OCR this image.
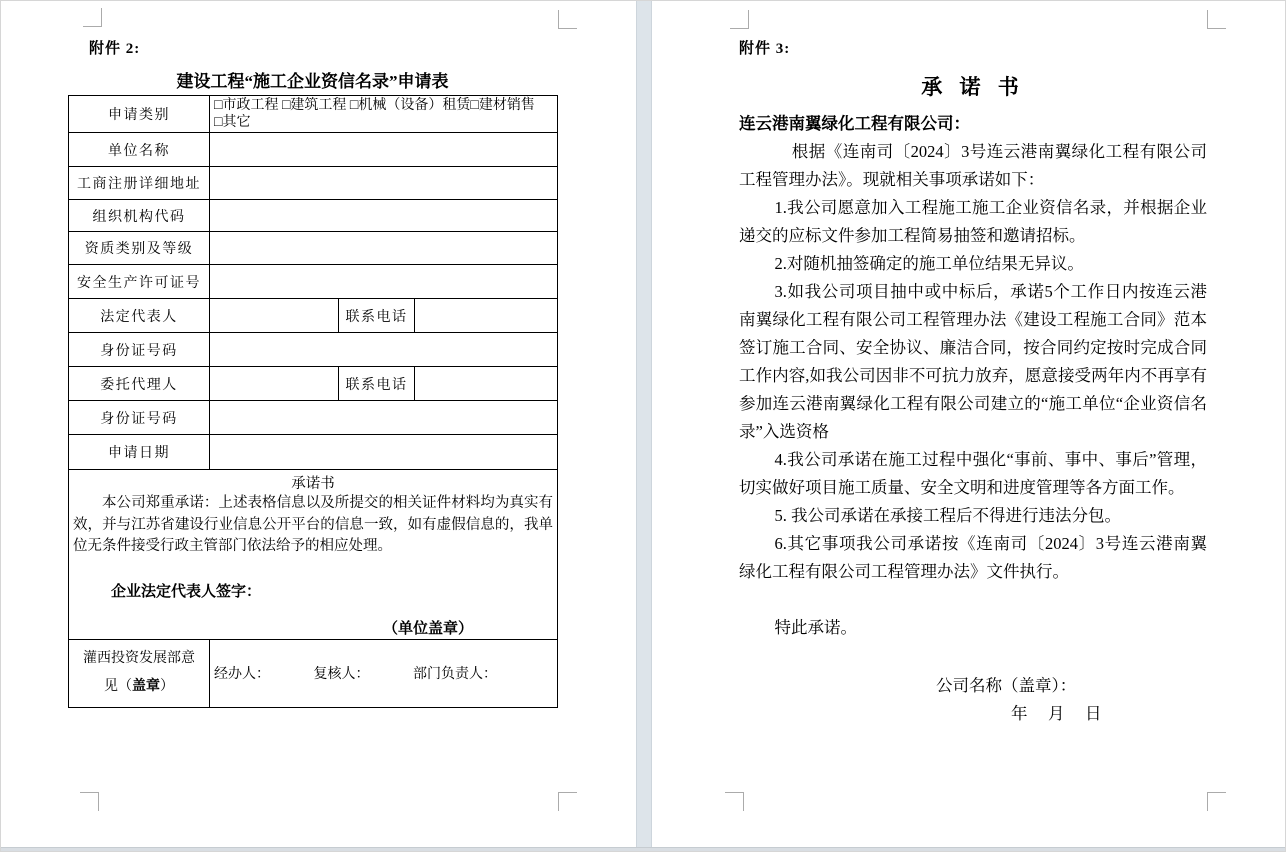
附件 2:
建设工程“施工企业资信名录”申请表
申请类别	□市政工程 □建筑工程 □机械（设备）租赁□建材销售
□其它		

单位名称			
工商注册详细地址			
组织机构代码			
资质类别及等级			
安全生产许可证号			
法定代表人		联系电话	
身份证号码			
委托代理人		联系电话	
身份证号码			
申请日期			

承诺书

本公司郑重承诺：上述表格信息以及所提交的相关证件材料均为真实有效，并与江苏省建设行业信息公开平台的信息一致，如有虚假信息的，我单位无条件接受行政主管部门依法给予的相应处理。

企业法定代表人签字：
（单位盖章）			

灌西投资发展部意
见（盖章）	经办人： 复核人： 部门负责人：		
附件 3:
承 诺 书

连云港南翼绿化工程有限公司：

根据《连南司〔2024〕3号连云港南翼绿化工程有限公司工程管理办法》。现就相关事项承诺如下：

1.我公司愿意加入工程施工施工企业资信名录，并根据企业递交的应标文件参加工程简易抽签和邀请招标。

2.对随机抽签确定的施工单位结果无异议。

3.如我公司项目抽中或中标后，承诺5个工作日内按连云港南翼绿化工程有限公司工程管理办法《建设工程施工合同》范本签订施工合同、安全协议、廉洁合同，按合同约定按时完成合同工作内容,如我公司因非不可抗力放弃，愿意接受两年内不再享有参加连云港南翼绿化工程有限公司建立的“施工单位“企业资信名录”入选资格

4.我公司承诺在施工过程中强化“事前、事中、事后”管理，切实做好项目施工质量、安全文明和进度管理等各方面工作。

5. 我公司承诺在承接工程后不得进行违法分包。

6.其它事项我公司承诺按《连南司〔2024〕3号连云港南翼绿化工程有限公司工程管理办法》文件执行。

特此承诺。

公司名称（盖章）：
年　月　日
